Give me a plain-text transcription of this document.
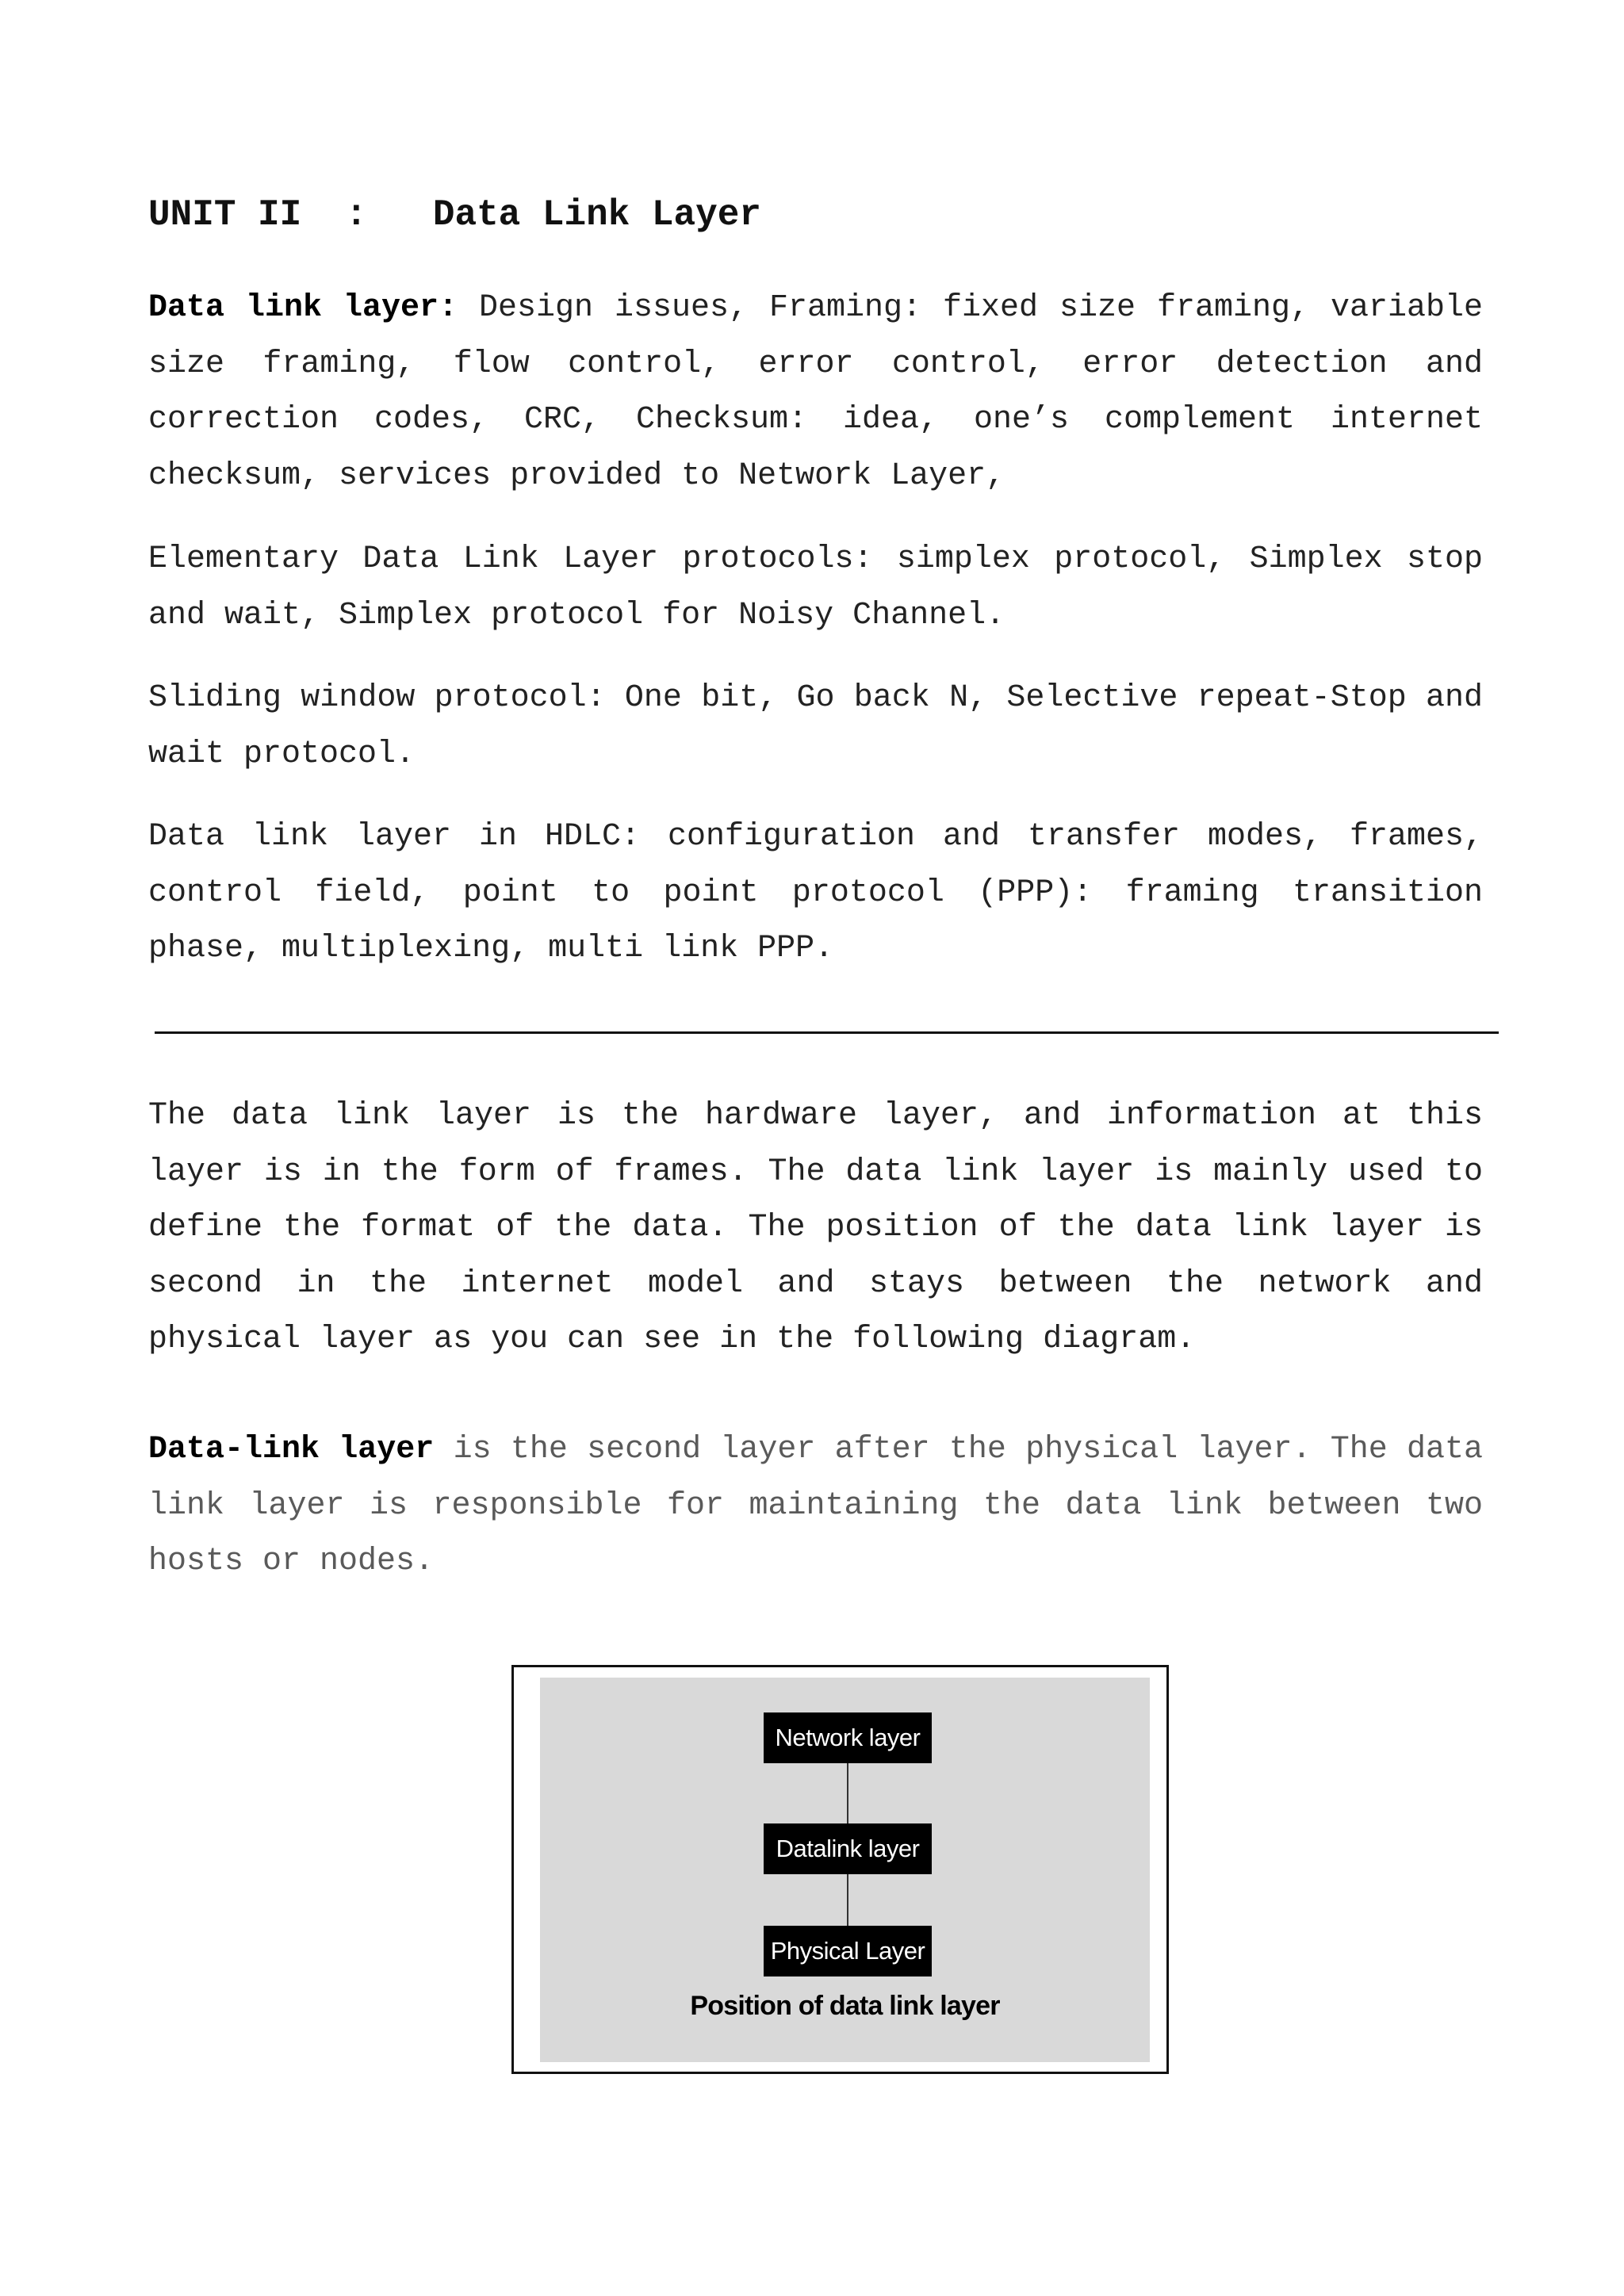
UNIT II  :   Data Link Layer

Data link layer: Design issues, Framing: fixed size framing, variable size framing, flow control, error control, error detection and correction codes, CRC, Checksum: idea, one’s complement internet checksum, services provided to Network Layer,

Elementary Data Link Layer protocols: simplex protocol, Simplex stop and wait, Simplex protocol for Noisy Channel.

Sliding window protocol: One bit, Go back N, Selective repeat-Stop and wait protocol.

Data link layer in HDLC: configuration and transfer modes, frames, control field, point to point protocol (PPP): framing transition phase, multiplexing, multi link PPP.

The data link layer is the hardware layer, and information at this layer is in the form of frames. The data link layer is mainly used to define the format of the data. The position of the data link layer is second in the internet model and stays between the network and physical layer as you can see in the following diagram.

Data-link layer is the second layer after the physical layer. The data link layer is responsible for maintaining the data link between two hosts or nodes.

Network layer
Datalink layer
Physical Layer
Position of data link layer
